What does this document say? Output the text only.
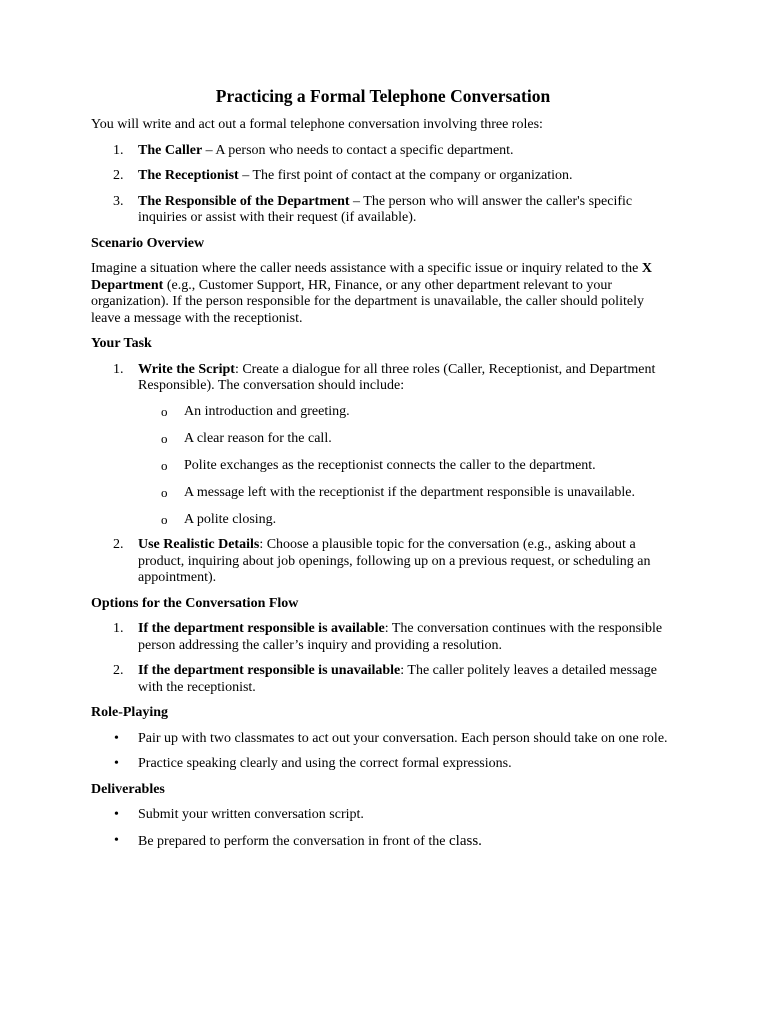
Practicing a Formal Telephone Conversation

You will write and act out a formal telephone conversation involving three roles:

1. The Caller – A person who needs to contact a specific department.
2. The Receptionist – The first point of contact at the company or organization.
3. The Responsible of the Department – The person who will answer the caller's specific inquiries or assist with their request (if available).
Scenario Overview

Imagine a situation where the caller needs assistance with a specific issue or inquiry related to the X Department (e.g., Customer Support, HR, Finance, or any other department relevant to your organization). If the person responsible for the department is unavailable, the caller should politely leave a message with the receptionist.

Your Task
1. Write the Script: Create a dialogue for all three roles (Caller, Receptionist, and Department Responsible). The conversation should include:
o An introduction and greeting.
o A clear reason for the call.
o Polite exchanges as the receptionist connects the caller to the department.
o A message left with the receptionist if the department responsible is unavailable.
o A polite closing.
2. Use Realistic Details: Choose a plausible topic for the conversation (e.g., asking about a product, inquiring about job openings, following up on a previous request, or scheduling an appointment).
Options for the Conversation Flow
1. If the department responsible is available: The conversation continues with the responsible person addressing the caller’s inquiry and providing a resolution.
2. If the department responsible is unavailable: The caller politely leaves a detailed message with the receptionist.
Role-Playing
• Pair up with two classmates to act out your conversation. Each person should take on one role.
• Practice speaking clearly and using the correct formal expressions.
Deliverables
• Submit your written conversation script.
• Be prepared to perform the conversation in front of the class.
